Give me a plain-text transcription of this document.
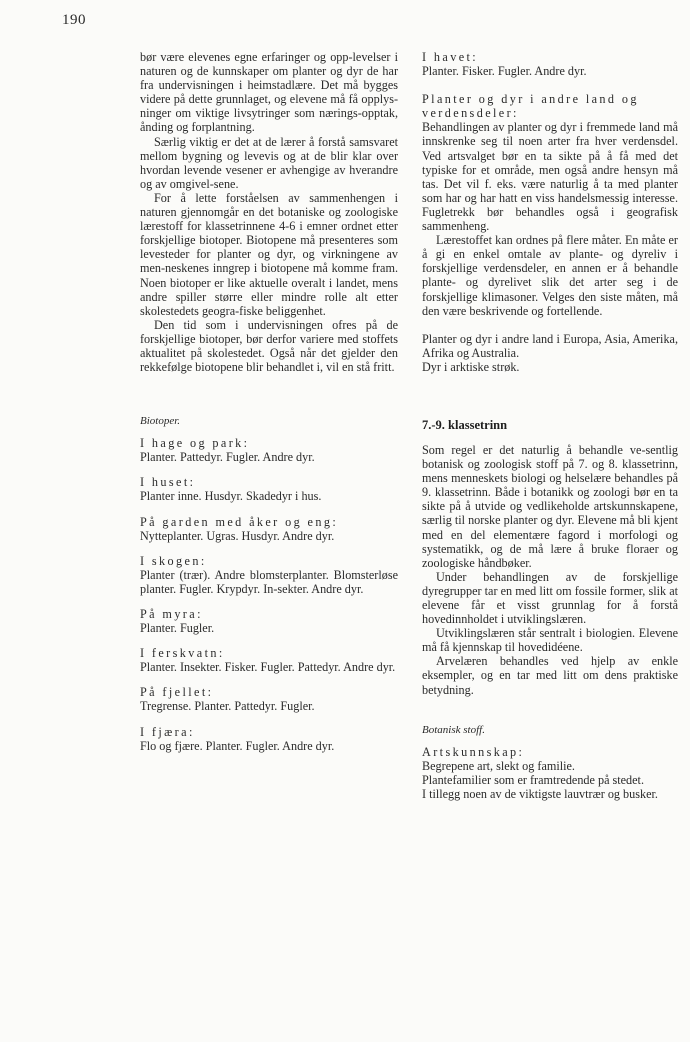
190

bør være elevenes egne erfaringer og opp-levelser i naturen og de kunnskaper om planter og dyr de har fra undervisningen i heimstadlære. Det må bygges videre på dette grunnlaget, og elevene må få opplys-ninger om viktige livsytringer som nærings-opptak, ånding og forplantning.

Særlig viktig er det at de lærer å forstå samsvaret mellom bygning og levevis og at de blir klar over hvordan levende vesener er avhengige av hverandre og av omgivel-sene.

For å lette forståelsen av sammenhengen i naturen gjennomgår en det botaniske og zoologiske lærestoff for klassetrinnene 4-6 i emner ordnet etter forskjellige biotoper. Biotopene må presenteres som levesteder for planter og dyr, og virkningene av men-neskenes inngrep i biotopene må komme fram. Noen biotoper er like aktuelle overalt i landet, mens andre spiller større eller mindre rolle alt etter skolestedets geogra-fiske beliggenhet.

Den tid som i undervisningen ofres på de forskjellige biotoper, bør derfor variere med stoffets aktualitet på skolestedet. Også når det gjelder den rekkefølge biotopene blir behandlet i, vil en stå fritt.

Biotoper.

I hage og park:

Planter. Pattedyr. Fugler. Andre dyr.

I huset:

Planter inne. Husdyr. Skadedyr i hus.

På garden med åker og eng:

Nytteplanter. Ugras. Husdyr. Andre dyr.

I skogen:

Planter (trær). Andre blomsterplanter. Blomsterløse planter. Fugler. Krypdyr. In-sekter. Andre dyr.

På myra:

Planter. Fugler.

I ferskvatn:

Planter. Insekter. Fisker. Fugler. Pattedyr. Andre dyr.

På fjellet:

Tregrense. Planter. Pattedyr. Fugler.

I fjæra:

Flo og fjære. Planter. Fugler. Andre dyr.

I havet:

Planter. Fisker. Fugler. Andre dyr.

Planter og dyr i andre land og verdensdeler:

Behandlingen av planter og dyr i fremmede land må innskrenke seg til noen arter fra hver verdensdel. Ved artsvalget bør en ta sikte på å få med det typiske for et område, men også andre hensyn må tas. Det vil f. eks. være naturlig å ta med planter som har og har hatt en viss handelsmessig interesse. Fugletrekk bør behandles også i geografisk sammenheng.

Lærestoffet kan ordnes på flere måter. En måte er å gi en enkel omtale av plante- og dyreliv i forskjellige verdensdeler, en annen er å behandle plante- og dyrelivet slik det arter seg i de forskjellige klimasoner. Velges den siste måten, må den være beskrivende og fortellende.

Planter og dyr i andre land i Europa, Asia, Amerika, Afrika og Australia.

Dyr i arktiske strøk.

7.-9. klassetrinn

Som regel er det naturlig å behandle ve-sentlig botanisk og zoologisk stoff på 7. og 8. klassetrinn, mens menneskets biologi og helselære behandles på 9. klassetrinn. Både i botanikk og zoologi bør en ta sikte på å utvide og vedlikeholde artskunnskapene, særlig til norske planter og dyr. Elevene må bli kjent med en del elementære fagord i morfologi og systematikk, og de må lære å bruke floraer og zoologiske håndbøker.

Under behandlingen av de forskjellige dyregrupper tar en med litt om fossile former, slik at elevene får et visst grunnlag for å forstå hovedinnholdet i utviklingslæren.

Utviklingslæren står sentralt i biologien. Elevene må få kjennskap til hovedidéene.

Arvelæren behandles ved hjelp av enkle eksempler, og en tar med litt om dens praktiske betydning.

Botanisk stoff.

Artskunnskap:

Begrepene art, slekt og familie.

Plantefamilier som er framtredende på stedet.

I tillegg noen av de viktigste lauvtrær og busker.
